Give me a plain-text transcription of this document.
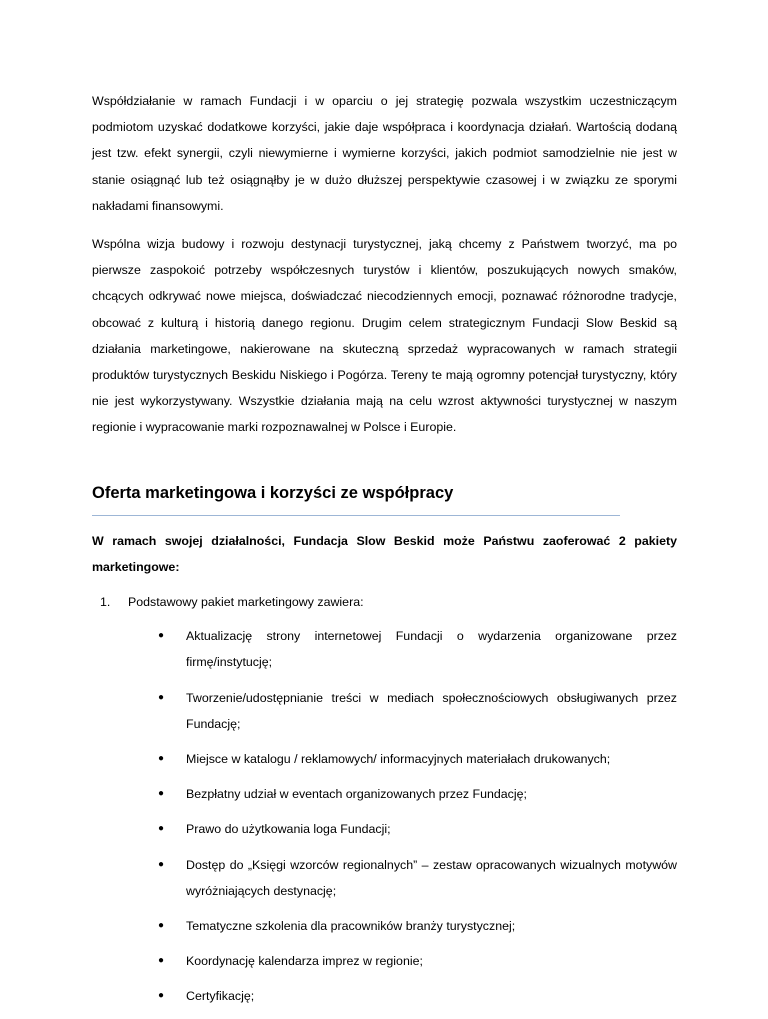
Współdziałanie w ramach Fundacji i w oparciu o jej strategię pozwala wszystkim uczestniczącym podmiotom uzyskać dodatkowe korzyści, jakie daje współpraca i koordynacja działań. Wartością dodaną jest tzw. efekt synergii, czyli niewymierne i wymierne korzyści, jakich podmiot samodzielnie nie jest w stanie osiągnąć lub też osiągnąłby je w dużo dłuższej perspektywie czasowej i w związku ze sporymi nakładami finansowymi.

Wspólna wizja budowy i rozwoju destynacji turystycznej, jaką chcemy z Państwem tworzyć, ma po pierwsze zaspokoić potrzeby współczesnych turystów i klientów, poszukujących nowych smaków, chcących odkrywać nowe miejsca, doświadczać niecodziennych emocji, poznawać różnorodne tradycje, obcować z kulturą i historią danego regionu. Drugim celem strategicznym Fundacji Slow Beskid są działania marketingowe, nakierowane na skuteczną sprzedaż wypracowanych w ramach strategii produktów turystycznych Beskidu Niskiego i Pogórza. Tereny te mają ogromny potencjał turystyczny, który nie jest wykorzystywany. Wszystkie działania mają na celu wzrost aktywności turystycznej w naszym regionie i wypracowanie marki rozpoznawalnej w Polsce i Europie.

Oferta marketingowa i korzyści ze współpracy

W ramach swojej działalności, Fundacja Slow Beskid może Państwu zaoferować 2 pakiety marketingowe:

1.	Podstawowy pakiet marketingowy zawiera:
●	Aktualizację strony internetowej Fundacji o wydarzenia organizowane przez firmę/instytucję;
●	Tworzenie/udostępnianie treści w mediach społecznościowych obsługiwanych przez Fundację;
●	Miejsce w katalogu / reklamowych/ informacyjnych materiałach drukowanych;
●	Bezpłatny udział w eventach organizowanych przez Fundację;
●	Prawo do użytkowania loga Fundacji;
●	Dostęp do „Księgi wzorców regionalnych” – zestaw opracowanych wizualnych motywów wyróżniających destynację;
●	Tematyczne szkolenia dla pracowników branży turystycznej;
●	Koordynację kalendarza imprez w regionie;
●	Certyfikację;
